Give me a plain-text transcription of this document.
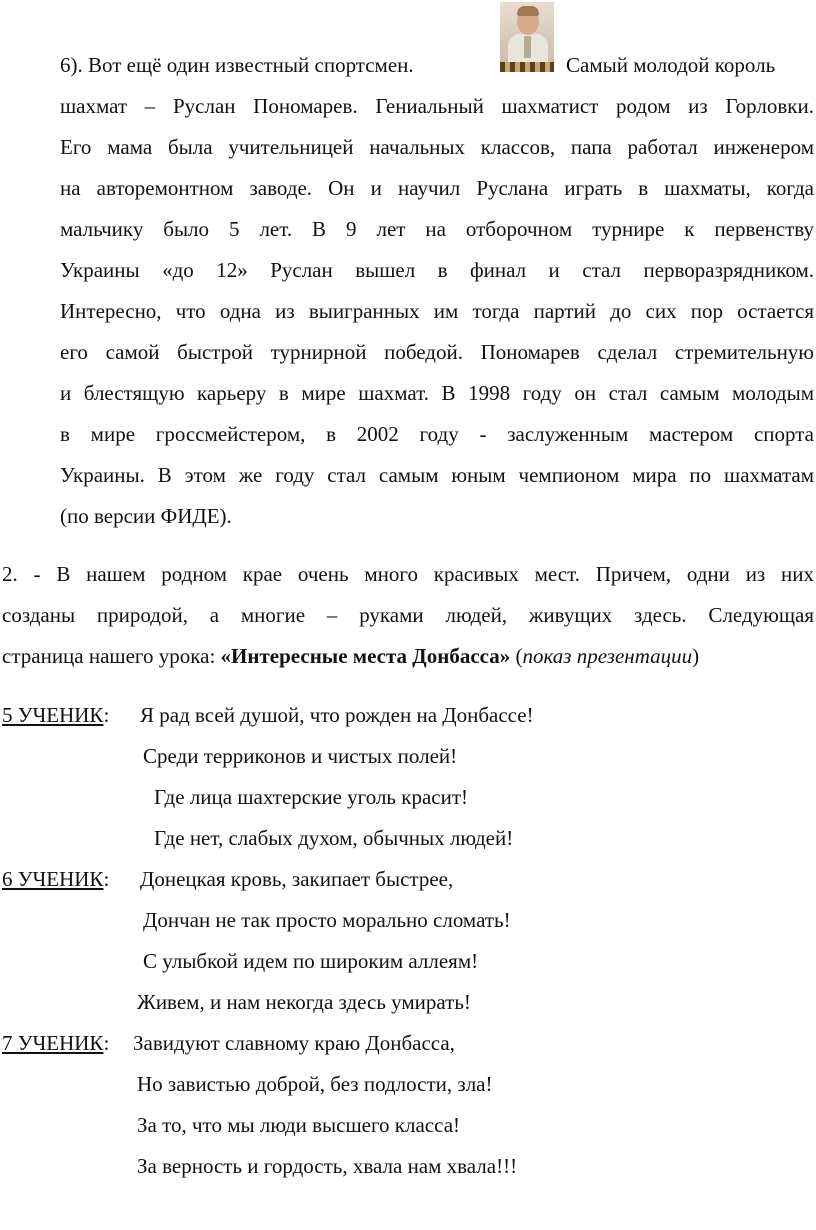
6). Вот ещё один известный спортсмен.	Самый молодой король
шахмат – Руслан Пономарев. Гениальный шахматист родом из Горловки.
Его мама была учительницей начальных классов, папа работал инженером
на авторемонтном заводе. Он и научил Руслана играть в шахматы, когда
мальчику было 5 лет. В 9 лет на отборочном турнире к первенству
Украины «до 12» Руслан вышел в финал и стал перворазрядником.
Интересно, что одна из выигранных им тогда партий до сих пор остается
его самой быстрой турнирной победой. Пономарев сделал стремительную
и блестящую карьеру в мире шахмат. В 1998 году он стал самым молодым
в мире гроссмейстером, в 2002 году - заслуженным мастером спорта
Украины. В этом же году стал самым юным чемпионом мира по шахматам
(по версии ФИДЕ).
2. - В нашем родном крае очень много красивых мест. Причем, одни из них
созданы природой, а многие – руками людей, живущих здесь. Следующая
страница нашего урока: «Интересные места Донбасса» (показ презентации)
5 УЧЕНИК: Я рад всей душой, что рожден на Донбассе!
Среди терриконов и чистых полей!
Где лица шахтерские уголь красит!
Где нет, слабых духом, обычных людей!
6 УЧЕНИК: Донецкая кровь, закипает быстрее,
Дончан не так просто морально сломать!
С улыбкой идем по широким аллеям!
Живем, и нам некогда здесь умирать!
7 УЧЕНИК: Завидуют славному краю Донбасса,
Но завистью доброй, без подлости, зла!
За то, что мы люди высшего класса!
За верность и гордость, хвала нам хвала!!!
